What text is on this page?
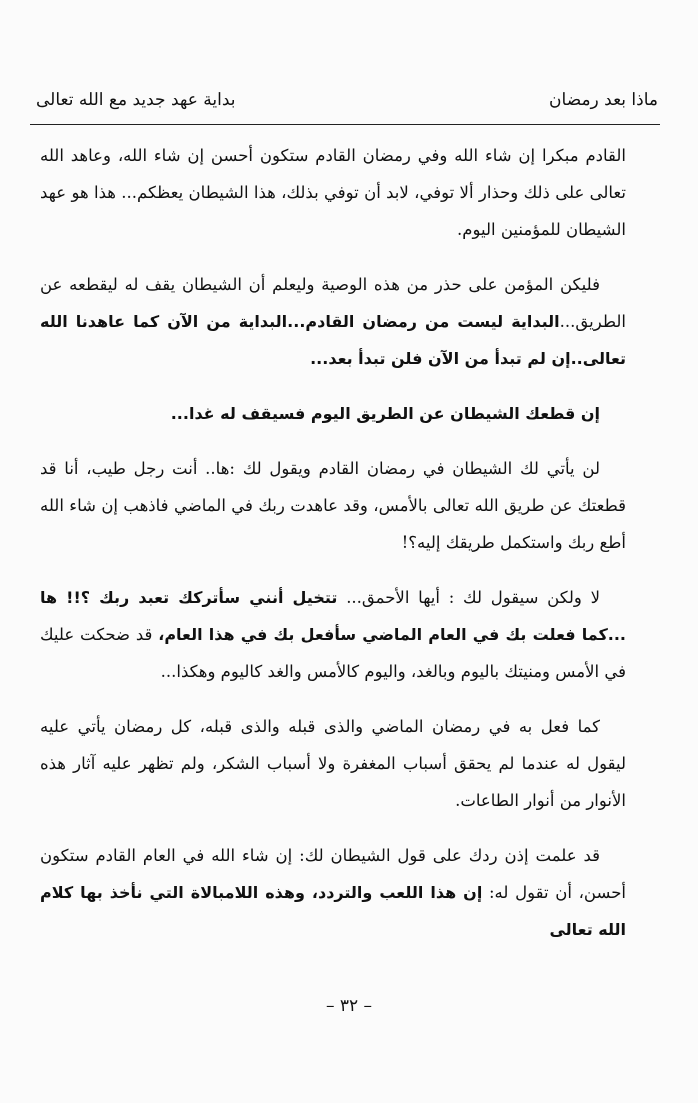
ماذا بعد رمضان
بداية عهد جديد مع الله تعالى

القادم مبكرا إن شاء الله وفي رمضان القادم ستكون أحسن إن شاء الله، وعاهد الله تعالى على ذلك وحذار ألا توفي، لابد أن توفي بذلك، هذا الشيطان يعظكم... هذا هو عهد الشيطان للمؤمنين اليوم.

فليكن المؤمن على حذر من هذه الوصية وليعلم أن الشيطان يقف له ليقطعه عن الطريق...البداية ليست من رمضان القادم...البداية من الآن كما عاهدنا الله تعالى..إن لم تبدأ من الآن فلن تبدأ بعد...

إن قطعك الشيطان عن الطريق اليوم فسيقف له غدا...

لن يأتي لك الشيطان في رمضان القادم ويقول لك :ها.. أنت رجل طيب، أنا قد قطعتك عن طريق الله تعالى بالأمس، وقد عاهدت ربك في الماضي فاذهب إن شاء الله أطع ربك واستكمل طريقك إليه؟!

لا ولكن سيقول لك : أيها الأحمق... تتخيل أنني سأتركك تعبد ربك ؟!! ها ...كما فعلت بك في العام الماضي سأفعل بك في هذا العام، قد ضحكت عليك في الأمس ومنيتك باليوم وبالغد، واليوم كالأمس والغد كاليوم وهكذا...

كما فعل به في رمضان الماضي والذى قبله والذى قبله، كل رمضان يأتي عليه ليقول له عندما لم يحقق أسباب المغفرة ولا أسباب الشكر، ولم تظهر عليه آثار هذه الأنوار من أنوار الطاعات.

قد علمت إذن ردك على قول الشيطان لك: إن شاء الله في العام القادم ستكون أحسن، أن تقول له: إن هذا اللعب والتردد، وهذه اللامبالاة التي نأخذ بها كلام الله تعالى

– ٣٢ –
